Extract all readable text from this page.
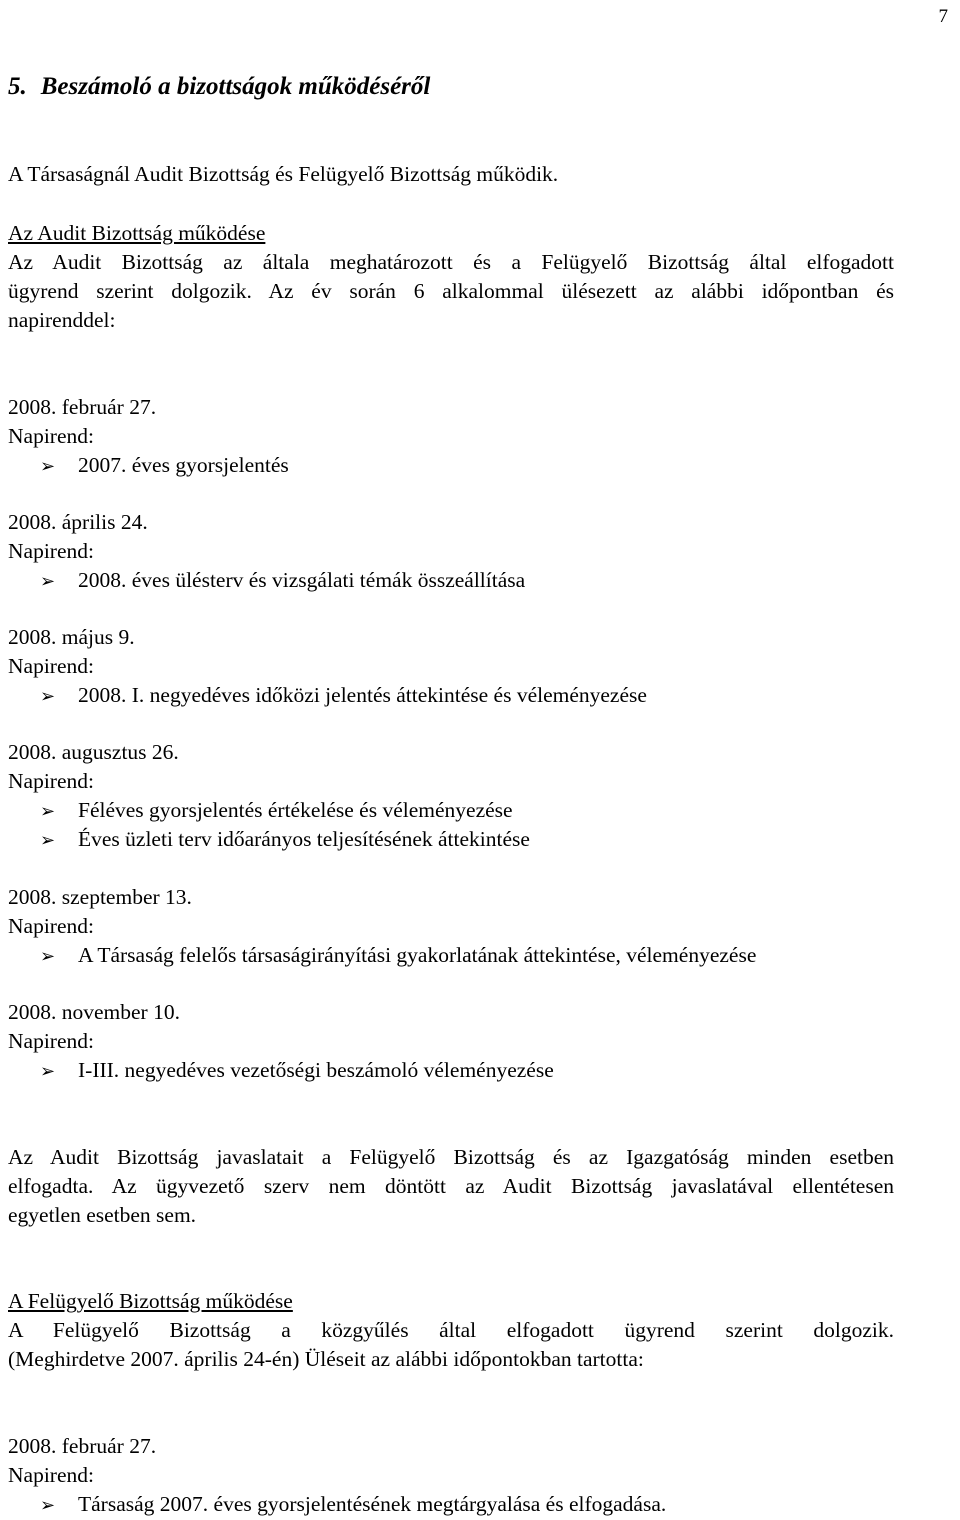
7
5. Beszámoló a bizottságok működéséről
A Társaságnál Audit Bizottság és Felügyelő Bizottság működik.
Az Audit Bizottság működése
Az Audit Bizottság az általa meghatározott és a Felügyelő Bizottság által elfogadott
ügyrend szerint dolgozik. Az év során 6 alkalommal ülésezett az alábbi időpontban és
napirenddel:
2008. február 27.
Napirend:
➢ 2007. éves gyorsjelentés
2008. április 24.
Napirend:
➢ 2008. éves ülésterv és vizsgálati témák összeállítása
2008. május 9.
Napirend:
➢ 2008. I. negyedéves időközi jelentés áttekintése és véleményezése
2008. augusztus 26.
Napirend:
➢ Féléves gyorsjelentés értékelése és véleményezése
➢ Éves üzleti terv időarányos teljesítésének áttekintése
2008. szeptember 13.
Napirend:
➢ A Társaság felelős társaságirányítási gyakorlatának áttekintése, véleményezése
2008. november 10.
Napirend:
➢ I-III. negyedéves vezetőségi beszámoló véleményezése
Az Audit Bizottság javaslatait a Felügyelő Bizottság és az Igazgatóság minden esetben
elfogadta. Az ügyvezető szerv nem döntött az Audit Bizottság javaslatával ellentétesen
egyetlen esetben sem.
A Felügyelő Bizottság működése
A Felügyelő Bizottság a közgyűlés által elfogadott ügyrend szerint dolgozik.
(Meghirdetve 2007. április 24-én) Üléseit az alábbi időpontokban tartotta:
2008. február 27.
Napirend:
➢ Társaság 2007. éves gyorsjelentésének megtárgyalása és elfogadása.
